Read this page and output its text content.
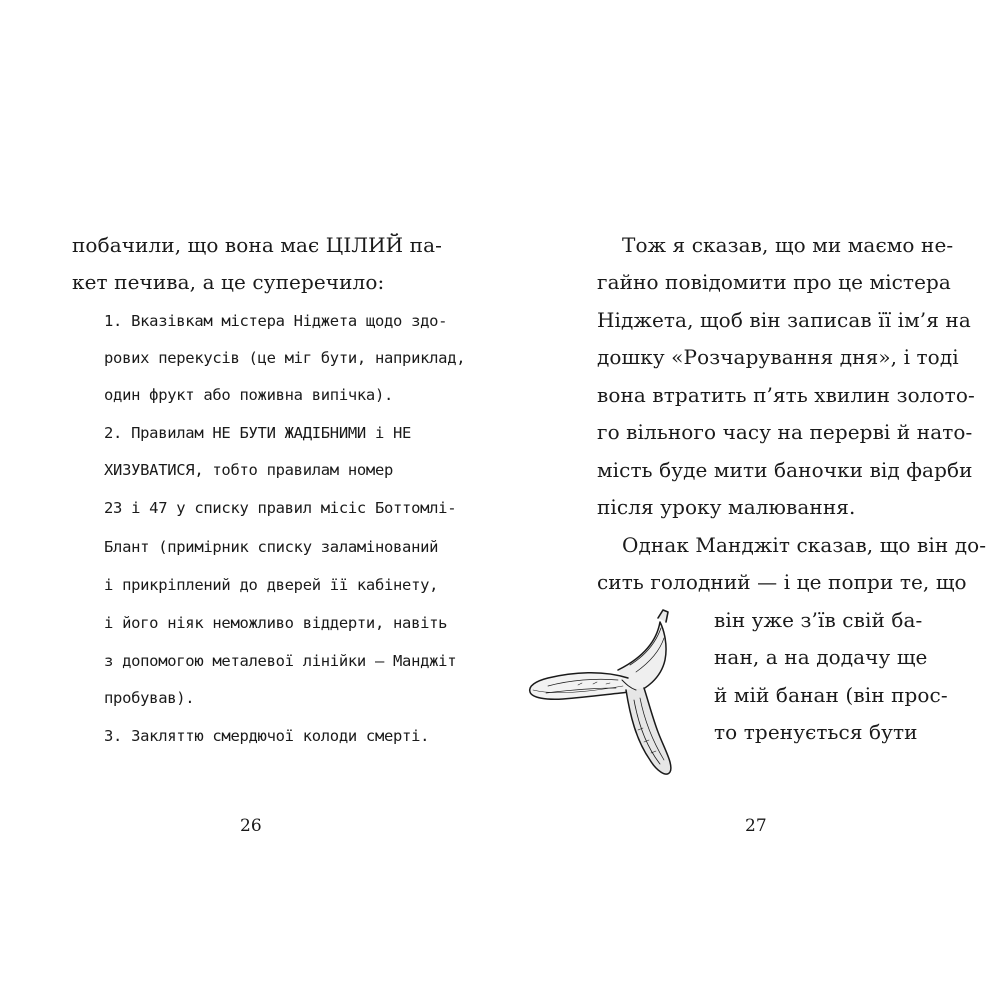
побачили, що вона має ЦІЛИЙ па-
кет печива, а це суперечило:
1. Вказівкам містера Ніджета щодо здо-
рових перекусів (це міг бути, наприклад,
один фрукт або поживна випічка).
2. Правилам НЕ БУТИ ЖАДІБНИМИ і НЕ
ХИЗУВАТИСЯ, тобто правилам номер
23 і 47 у списку правил місіс Боттомлі-
Блант (примірник списку заламінований
і прикріплений до дверей її кабінету,
і його ніяк неможливо віддерти, навіть
з допомогою металевої лінійки – Манджіт
пробував).
3. Закляттю смердючої колоди смерті.
26
Тож я сказав, що ми маємо не-
гайно повідомити про це містера
Ніджета, щоб він записав її ім’я на
дошку «Розчарування дня», і тоді
вона втратить п’ять хвилин золото-
го вільного часу на перерві й нато-
мість буде мити баночки від фарби
після уроку малювання.
Однак Манджіт сказав, що він до-
сить голодний — і це попри те, що
він уже з’їв свій ба-
нан, а на додачу ще
й мій банан (він прос-
то тренується бути
27
